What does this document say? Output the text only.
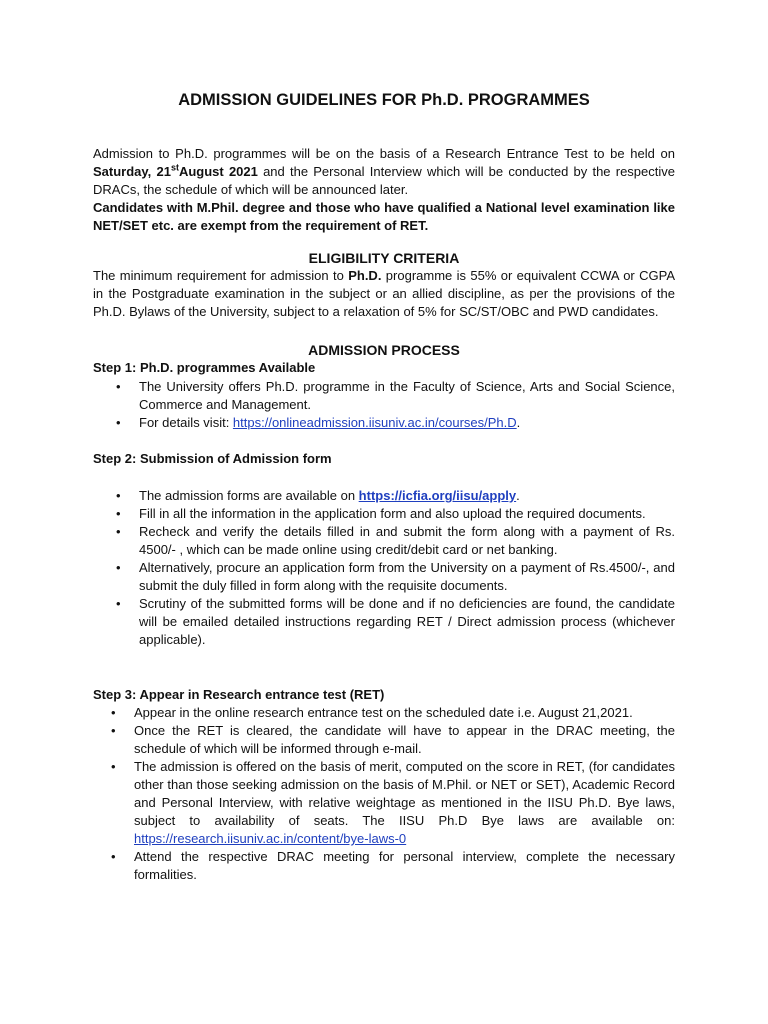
ADMISSION GUIDELINES FOR Ph.D. PROGRAMMES

Admission to Ph.D. programmes will be on the basis of a Research Entrance Test to be held on Saturday, 21stAugust 2021 and the Personal Interview which will be conducted by the respective DRACs, the schedule of which will be announced later.

Candidates with M.Phil. degree and those who have qualified a National level examination like NET/SET etc. are exempt from the requirement of RET.

ELIGIBILITY CRITERIA

The minimum requirement for admission to Ph.D. programme is 55% or equivalent CCWA or CGPA in the Postgraduate examination in the subject or an allied discipline, as per the provisions of the Ph.D. Bylaws of the University, subject to a relaxation of 5% for SC/ST/OBC and PWD candidates.

ADMISSION PROCESS
Step 1: Ph.D. programmes Available
• The University offers Ph.D. programme in the Faculty of Science, Arts and Social Science, Commerce and Management.
• For details visit: https://onlineadmission.iisuniv.ac.in/courses/Ph.D.
Step 2: Submission of Admission form
• The admission forms are available on https://icfia.org/iisu/apply.
• Fill in all the information in the application form and also upload the required documents.
• Recheck and verify the details filled in and submit the form along with a payment of Rs. 4500/- , which can be made online using credit/debit card or net banking.
• Alternatively, procure an application form from the University on a payment of Rs.4500/-, and submit the duly filled in form along with the requisite documents.
• Scrutiny of the submitted forms will be done and if no deficiencies are found, the candidate will be emailed detailed instructions regarding RET / Direct admission process (whichever applicable).
Step 3: Appear in Research entrance test (RET)
• Appear in the online research entrance test on the scheduled date i.e. August 21,2021.
• Once the RET is cleared, the candidate will have to appear in the DRAC meeting, the schedule of which will be informed through e-mail.
• The admission is offered on the basis of merit, computed on the score in RET, (for candidates other than those seeking admission on the basis of M.Phil. or NET or SET), Academic Record and Personal Interview, with relative weightage as mentioned in the IISU Ph.D. Bye laws, subject to availability of seats. The IISU Ph.D Bye laws are available on: https://research.iisuniv.ac.in/content/bye-laws-0
• Attend the respective DRAC meeting for personal interview, complete the necessary formalities.
